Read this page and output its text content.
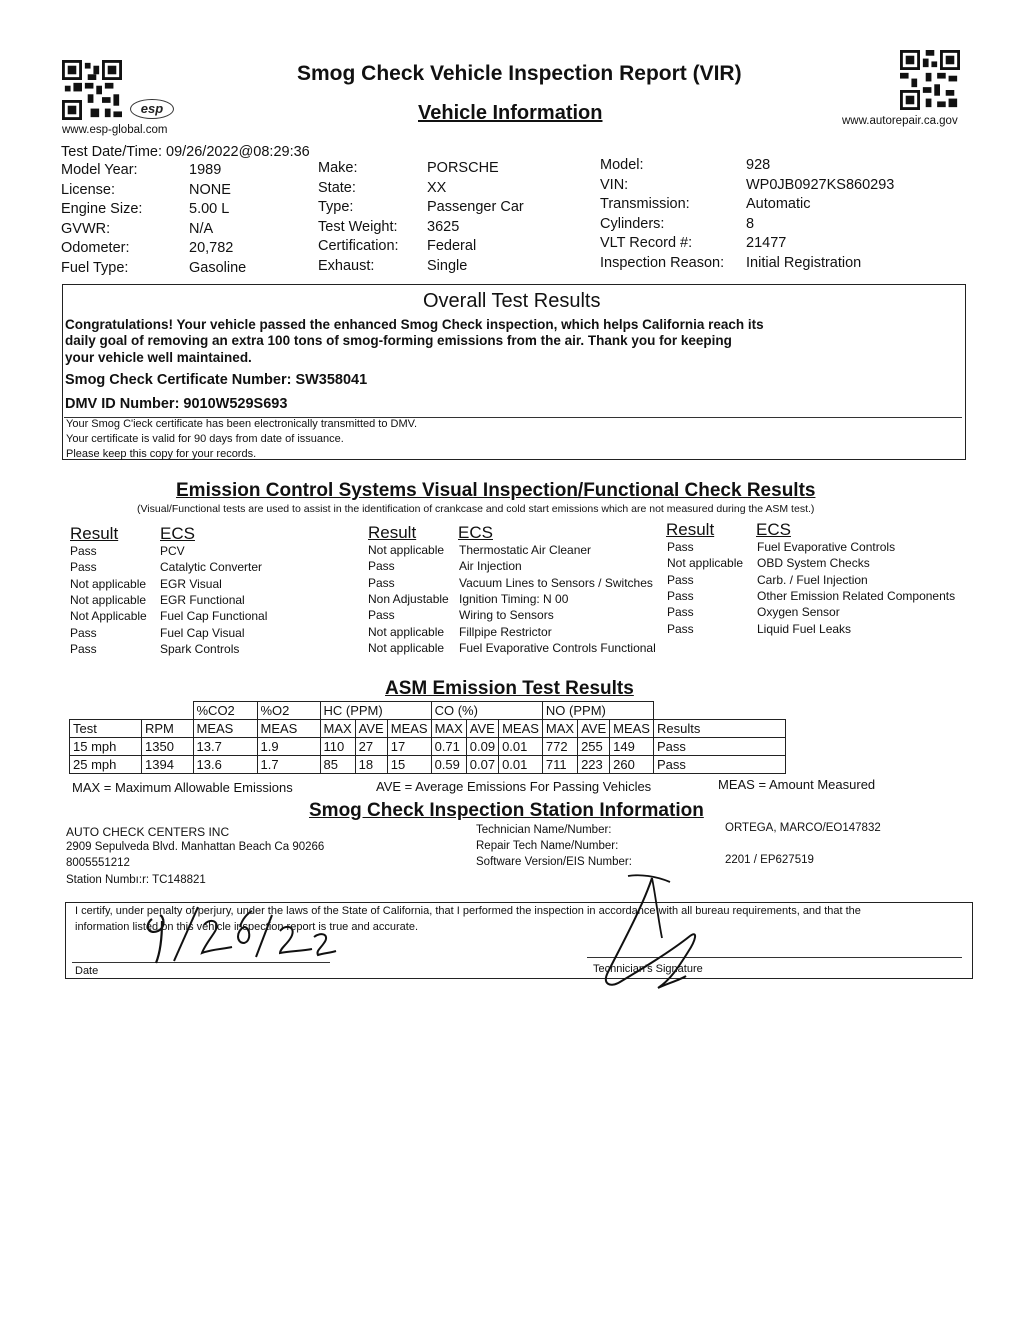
esp
www.esp-global.com
Smog Check Vehicle Inspection Report (VIR)
Vehicle Information	www.autorepair.ca.gov
Test Date/Time: 09/26/2022@08:29:36
Model Year:	1989
License:	NONE
Engine Size:	5.00 L
GVWR:	N/A
Odometer:	20,782
Fuel Type:	Gasoline
Make:	PORSCHE
State:	XX
Type:	Passenger Car
Test Weight: 3625
Certification: Federal
Exhaust:	Single
Model:	928
VIN:	WP0JB0927KS860293
Transmission:	Automatic
Cylinders:	8
VLT Record #:	21477
Inspection Reason: Initial Registration
Overall Test Results
Congratulations! Your vehicle passed the enhanced Smog Check inspection, which helps California reach its
daily goal of removing an extra 100 tons of smog-forming emissions from the air. Thank you for keeping
your vehicle well maintained.
Smog Check Certificate Number: SW358041
DMV ID Number: 9010W529S693
Your Smog C'ieck certificate has been electronically transmitted to DMV.
Your certificate is valid for 90 days from date of issuance.
Please keep this copy for your records.
Emission Control Systems Visual Inspection/Functional Check Results
(Visual/Functional tests are used to assist in the identification of crankcase and cold start emissions which are not measured during the ASM test.)
Result ECS	Result ECS	Result ECS
Pass	PCV
Pass	Catalytic Converter
Not applicable EGR Visual
Not applicable EGR Functional
Not Applicable Fuel Cap Functional
Pass	Fuel Cap Visual
Pass	Spark Controls
Not applicable Thermostatic Air Cleaner
Pass	Air Injection
Pass	Vacuum Lines to Sensors / Switches
Non Adjustable Ignition Timing: N 00
Pass	Wiring to Sensors
Not applicable Fillpipe Restrictor
Not applicable Fuel Evaporative Controls Functional
Pass	Fuel Evaporative Controls
Not applicable OBD System Checks
Pass	Carb. / Fuel Injection
Pass	Other Emission Related Components
Pass	Oxygen Sensor
Pass	Liquid Fuel Leaks
ASM Emission Test Results
		%CO2	%O2	HC (PPM)			CO (%)			NO (PPM)			
Test	RPM	MEAS	MEAS	MAX	AVE	MEAS	MAX	AVE	MEAS	MAX	AVE	MEAS	Results
15 mph	1350	13.7	1.9	110	27	17	0.71	0.09	0.01	772	255	149	Pass
25 mph	1394	13.6	1.7	85	18	15	0.59	0.07	0.01	711	223	260	Pass
MAX = Maximum Allowable Emissions	AVE = Average Emissions For Passing Vehicles	MEAS = Amount Measured
Smog Check Inspection Station Information
AUTO CHECK CENTERS INC
2909 Sepulveda Blvd. Manhattan Beach Ca 90266
8005551212
Station Numbı:r: TC148821
Technician Name/Number:	ORTEGA, MARCO/EO147832
Repair Tech Name/Number:
Software Version/EIS Number:	2201 / EP627519
I certify, under penalty of perjury, under the laws of the State of California, that I performed the inspection in accordance with all bureau requirements, and that the
information listed on this vehicle inspection report is true and accurate.
Date	Technician's Signature
